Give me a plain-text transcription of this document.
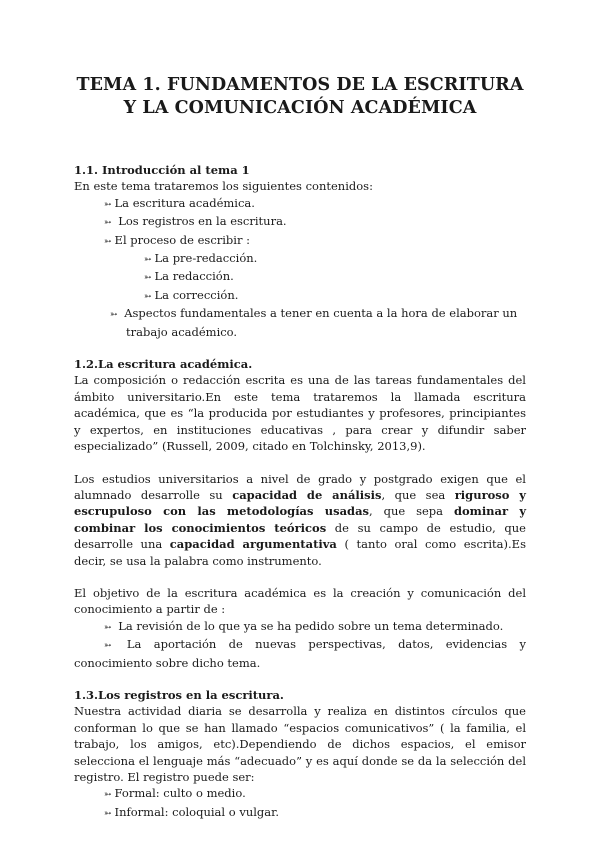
TEMA 1. FUNDAMENTOS DE LA ESCRITURA Y LA COMUNICACIÓN ACADÉMICA
1.1. Introducción al tema 1

En este tema trataremos los siguientes contenidos:

➳ La escritura académica.
➳ Los registros en la escritura.
➳ El proceso de escribir :
➳ La pre-redacción.
➳ La redacción.
➳ La corrección.
➳ Aspectos fundamentales a tener en cuenta a la hora de elaborar un trabajo académico.
1.2.La escritura académica.

La composición o redacción escrita es una de las tareas fundamentales del ámbito universitario.En este tema trataremos la llamada escritura académica, que es “la producida por estudiantes y profesores, principiantes y expertos, en instituciones educativas , para crear y difundir saber especializado” (Russell, 2009, citado en Tolchinsky, 2013,9).

Los estudios universitarios a nivel de grado y postgrado exigen que el alumnado desarrolle su capacidad de análisis, que sea riguroso y escrupuloso con las metodologías usadas, que sepa dominar y combinar los conocimientos teóricos de su campo de estudio, que desarrolle una capacidad argumentativa ( tanto oral como escrita).Es decir, se usa la palabra como instrumento.

El objetivo de la escritura académica es la creación y comunicación del conocimiento a partir de :

➳ La revisión de lo que ya se ha pedido sobre un tema determinado.
➳ La aportación de nuevas perspectivas, datos, evidencias y conocimiento sobre dicho tema.
1.3.Los registros en la escritura.

Nuestra actividad diaria se desarrolla y realiza en distintos círculos que conforman lo que se han llamado “espacios comunicativos” ( la familia, el trabajo, los amigos, etc).Dependiendo de dichos espacios, el emisor selecciona el lenguaje más “adecuado” y es aquí donde se da la selección del registro. El registro puede ser:

➳ Formal: culto o medio.
➳ Informal: coloquial o vulgar.
